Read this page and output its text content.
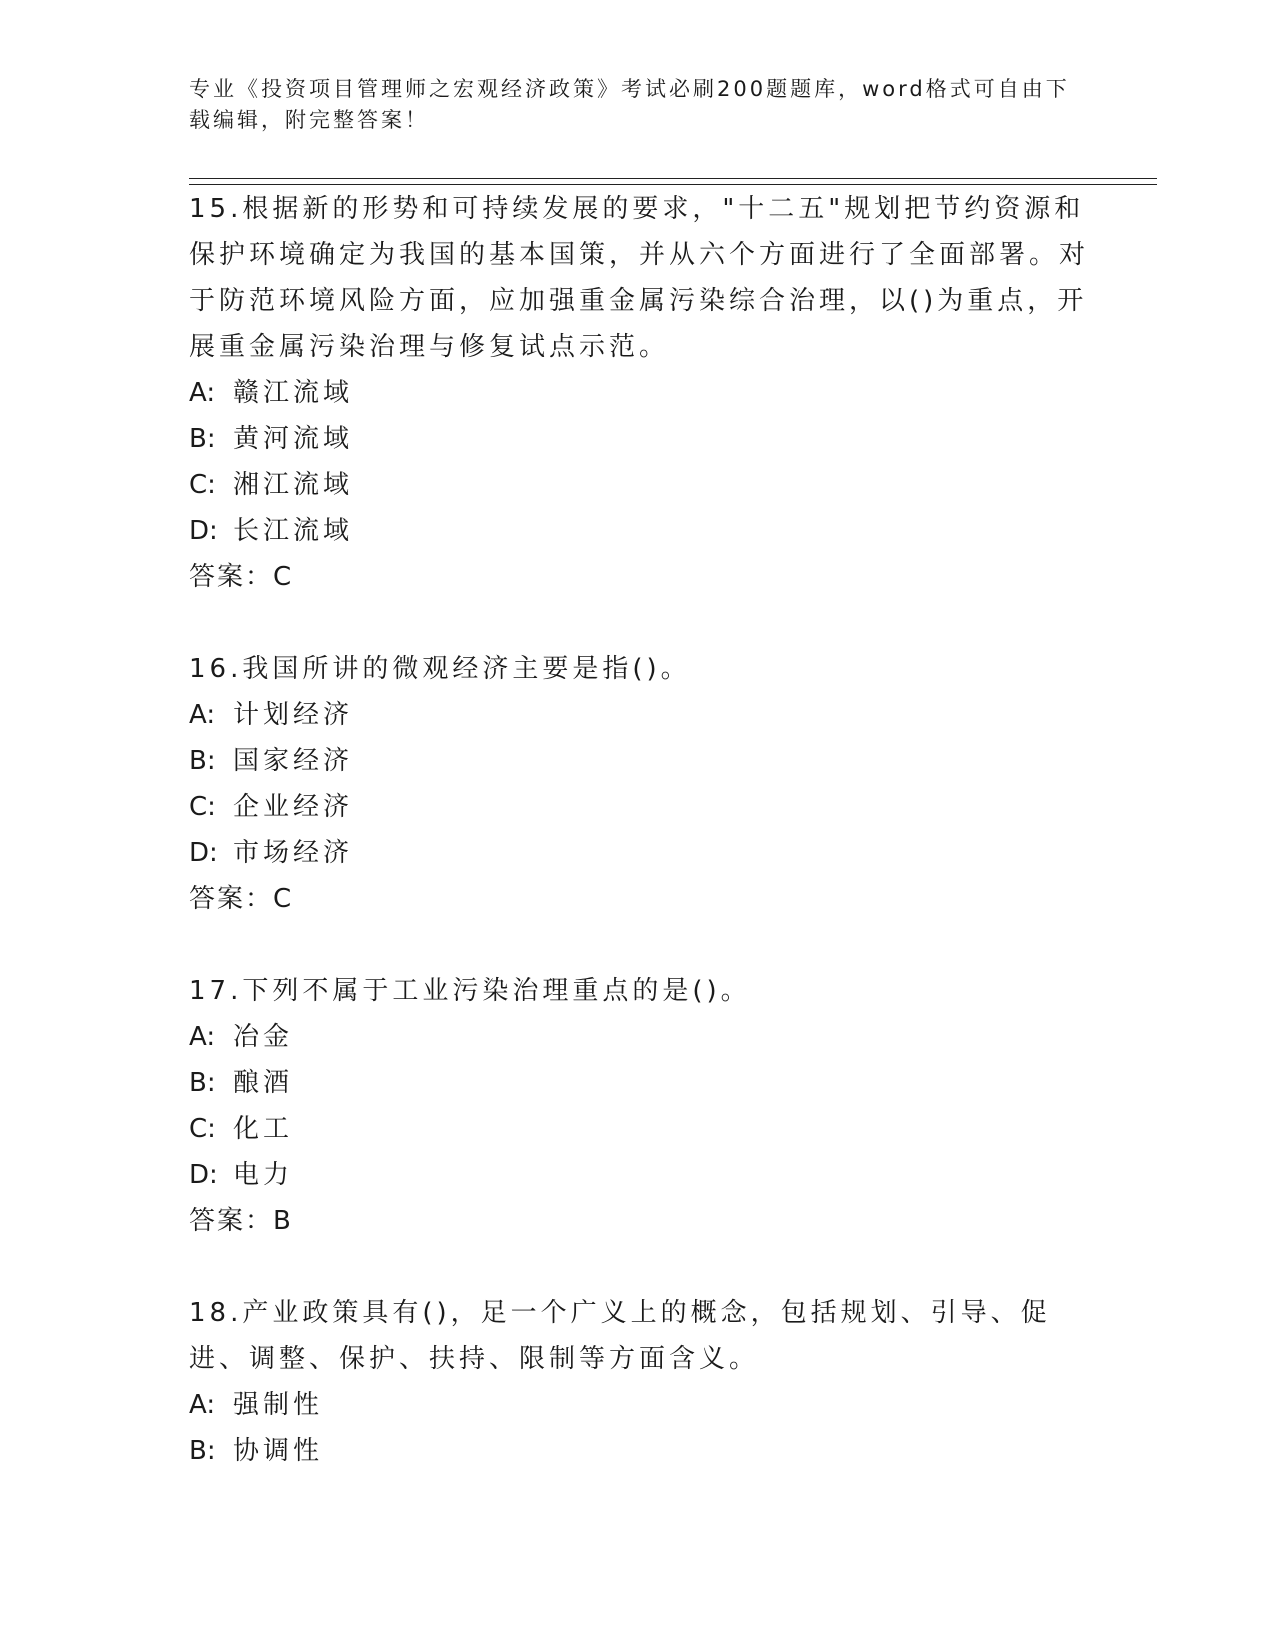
专业《投资项目管理师之宏观经济政策》考试必刷200题题库，word格式可自由下载编辑，附完整答案！

15.根据新的形势和可持续发展的要求，"十二五"规划把节约资源和保护环境确定为我国的基本国策，并从六个方面进行了全面部署。对于防范环境风险方面，应加强重金属污染综合治理，以()为重点，开展重金属污染治理与修复试点示范。

A: 赣江流域

B: 黄河流域

C: 湘江流域

D: 长江流域

答案：C

16.我国所讲的微观经济主要是指()。

A: 计划经济

B: 国家经济

C: 企业经济

D: 市场经济

答案：C

17.下列不属于工业污染治理重点的是()。

A: 冶金

B: 酿酒

C: 化工

D: 电力

答案：B

18.产业政策具有()，足一个广义上的概念，包括规划、引导、促进、调整、保护、扶持、限制等方面含义。

A: 强制性

B: 协调性
